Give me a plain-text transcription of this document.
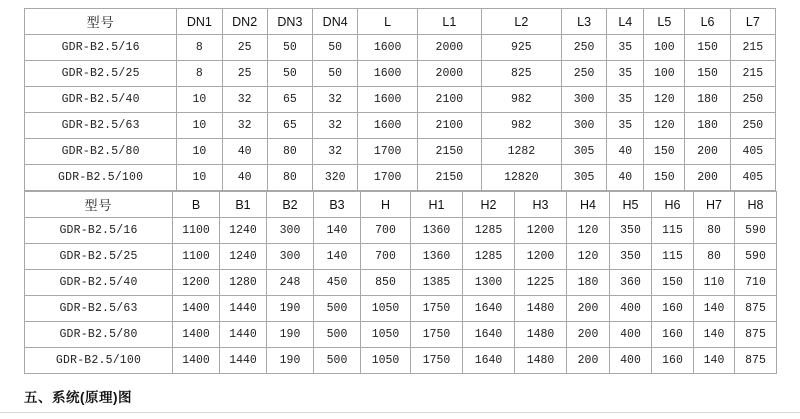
型号	DN1	DN2	DN3	DN4	L	L1	L2	L3	L4	L5	L6	L7
GDR-B2.5/16	8	25	50	50	1600	2000	925	250	35	100	150	215
GDR-B2.5/25	8	25	50	50	1600	2000	825	250	35	100	150	215
GDR-B2.5/40	10	32	65	32	1600	2100	982	300	35	120	180	250
GDR-B2.5/63	10	32	65	32	1600	2100	982	300	35	120	180	250
GDR-B2.5/80	10	40	80	32	1700	2150	1282	305	40	150	200	405
GDR-B2.5/100	10	40	80	320	1700	2150	12820	305	40	150	200	405
型号	B	B1	B2	B3	H	H1	H2	H3	H4	H5	H6	H7	H8
GDR-B2.5/16	1100	1240	300	140	700	1360	1285	1200	120	350	115	80	590
GDR-B2.5/25	1100	1240	300	140	700	1360	1285	1200	120	350	115	80	590
GDR-B2.5/40	1200	1280	248	450	850	1385	1300	1225	180	360	150	110	710
GDR-B2.5/63	1400	1440	190	500	1050	1750	1640	1480	200	400	160	140	875
GDR-B2.5/80	1400	1440	190	500	1050	1750	1640	1480	200	400	160	140	875
GDR-B2.5/100	1400	1440	190	500	1050	1750	1640	1480	200	400	160	140	875
五、系统(原理)图
